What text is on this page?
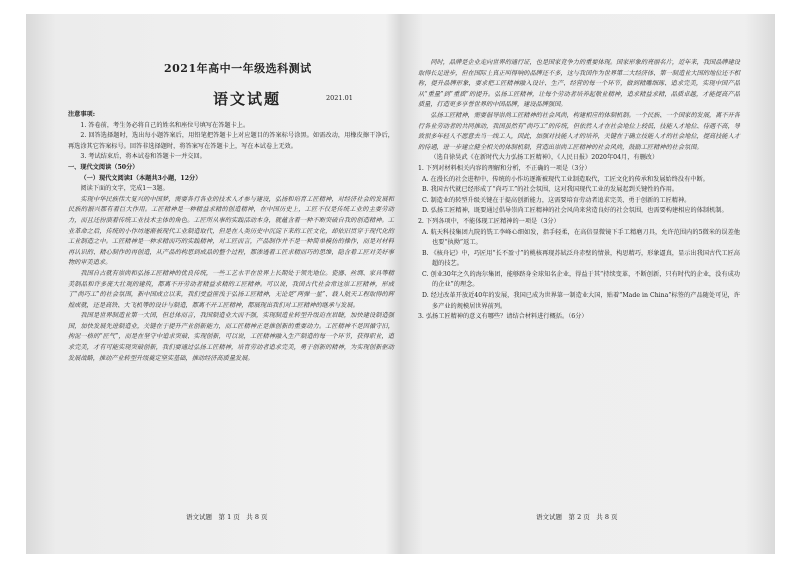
2021年高中一年级选科测试
语文试题	2021.01

注意事项:

1. 答卷前，考生务必将自己的姓名和座位号填写在答题卡上。

2. 回答选择题时，选出每小题答案后，用铅笔把答题卡上对应题目的答案标号涂黑。如需改动，用橡皮擦干净后，再选涂其它答案标号。回答非选择题时，将答案写在答题卡上，写在本试卷上无效。

3. 考试结束后，将本试卷和答题卡一并交回。

一、现代文阅读（50分）

（一）现代文阅读Ⅰ（本题共3小题，12分）

阅读下面的文字，完成1～3题。

实现中华民族伟大复兴的中国梦，需要各行各业的技术人才参与建设，弘扬和培育工匠精神，对经济社会的发展和民族的振兴都有着巨大作用。工匠精神是一种精益求精的创造精神，在中国历史上，工匠不仅是传统工业的主要劳动力，而且还扮演着传统工业技术主体的角色。工匠所从事的实践活动本身，就蕴含着一种不断突破自我的创造精神。工业革命之后，传统的小作坊逐渐被现代工业制造取代，但是在人类历史中沉淀下来的工匠文化，却依旧贯穿于现代化的工业制造之中。工匠精神是一种求精而巧的实践精神，对工匠而言，产品制作并不是一种简单模仿的操作，而是对材料再认识的、精心制作的再创造，从产品的构思到成品的整个过程，都渗透着工匠求精而巧的思维，隐含着工匠对美好事物的审美追求。

我国自古就有崇尚和弘扬工匠精神的优良传统，一些工艺水平在世界上长期处于领先地位。瓷器、丝绸、家具等精美制品和许多庞大壮观的建筑，都离不开劳动者精益求精的工匠精神。可以说，我国古代社会常这崇工匠精神，形成了“尚巧工”的社会氛围，新中国成立以来，我们受益匪浅于弘扬工匠精神，无论是“两弹一星”、载人航天工程取得的辉煌成就，还是高铁、大飞机等的设计与制造，都离不开工匠精神，都展现出我们对工匠精神的继承与发展。

我国是世界制造业第一大国，但总体而言，我国制造业大而不强，实现制造业转型升级迫在眉睫，加快建设制造强国，加快发展先进制造业，关键在于提升产业创新能力，而工匠精神正是推创新的重要动力。工匠精神不是因循守旧，拘泥一格的“匠气”，而是在坚守中追求突破、实现创新，可以说，工匠精神融入生产制造的每一个环节，获得职业，追求完美，才有可能实现突破创新，我们要通过弘扬工匠精神，培育劳动者追求完美，勇于创新的精神，为实现创新驱动发展战略，推动产业转型升级奠定坚实基础，推动经济高质量发展。

语文试题　第 1 页　共 8 页

同时，品牌是企业走向世界的通行证，也是国家竞争力的重要体现。国家形象的亮丽名片，近年来，我国品牌建设取得长足进步，但在国际上真正叫得响的品牌还不多，这与我国作为世界第二大经济体、第一制造业大国的地位还不相称，提升品牌形象，要求把工匠精神融入设计、生产、经营的每一个环节，做到精雕细琢、追求完美，实现中国产品从“重量”到“重质”的提升。弘扬工匠精神，让每个劳动者培养起敬业精神，追求精益求精，品质卓越，才能提高产品质量，打造更多享誉世界的中国品牌，建设品牌强国。

弘扬工匠精神，需要倡导崇尚工匠精神的社会风尚，构建相应的体制机制。一个民族、一个国家的发展，离不开各行各业劳动者的共同推动，我国虽然有“尚巧工”的传统，但依然人才在社会地位上较低，技能人才地位、待遇不高，导致很多年轻人不愿意去当一线工人，因此，加强对技能人才的培养，关键在于确立技能人才的社会地位，提高技能人才的待遇，进一步建立健全相关的体制机制，营造出崇尚工匠精神的社会风尚，鼓励工匠精神的社会氛围。

（选自徐昊武《在新时代大力弘扬工匠精神》，《人民日报》2020年04月，有删改）

1. 下列对材料相关内容的理解和分析，不正确的一项是（3分）

A. 在漫长的社会进程中，传统的小作坊逐渐被现代工业制造取代，工匠文化的传承和发展始终没有中断。

B. 我国古代就已经形成了“尚巧工”的社会氛围，这对我国现代工业的发展起到关键性的作用。

C. 制造业的转型升级关键在于提高创新能力，这需要培育劳动者追求完美、勇于创新的工匠精神。

D. 弘扬工匠精神，既要通过倡导崇尚工匠精神的社会风尚来营造良好的社会氛围，也需要构建相应的体制机制。

2. 下列各项中，不能体现工匠精神的一项是（3分）

A. 航天科技集团九院的铣工李峰心细如发，指手轻柔，在高倍显微镜下手工精磨刀具，允许范围内的5微米的误差他也要“执拗”返工。

B. 《核舟记》中，巧匠用“长不盈寸”的桃核再现苏轼泛舟赤壁的情景，构思精巧，形象逼真，显示出我国古代工匠高超的技艺。

C. 创业30年之久的海尔集团，能够跻身全球知名企业，得益于其“持续变革，不断创新，只有时代的企业，没有成功的企业”的理念。

D. 经过改革开放近40年的发展，我国已成为世界第一制造业大国，贴着“Made in China”标签的产品随处可见，许多产业的规模居世界前列。

3. 弘扬工匠精神的意义有哪些？请结合材料进行概括。（6分）

语文试题　第 2 页　共 8 页
